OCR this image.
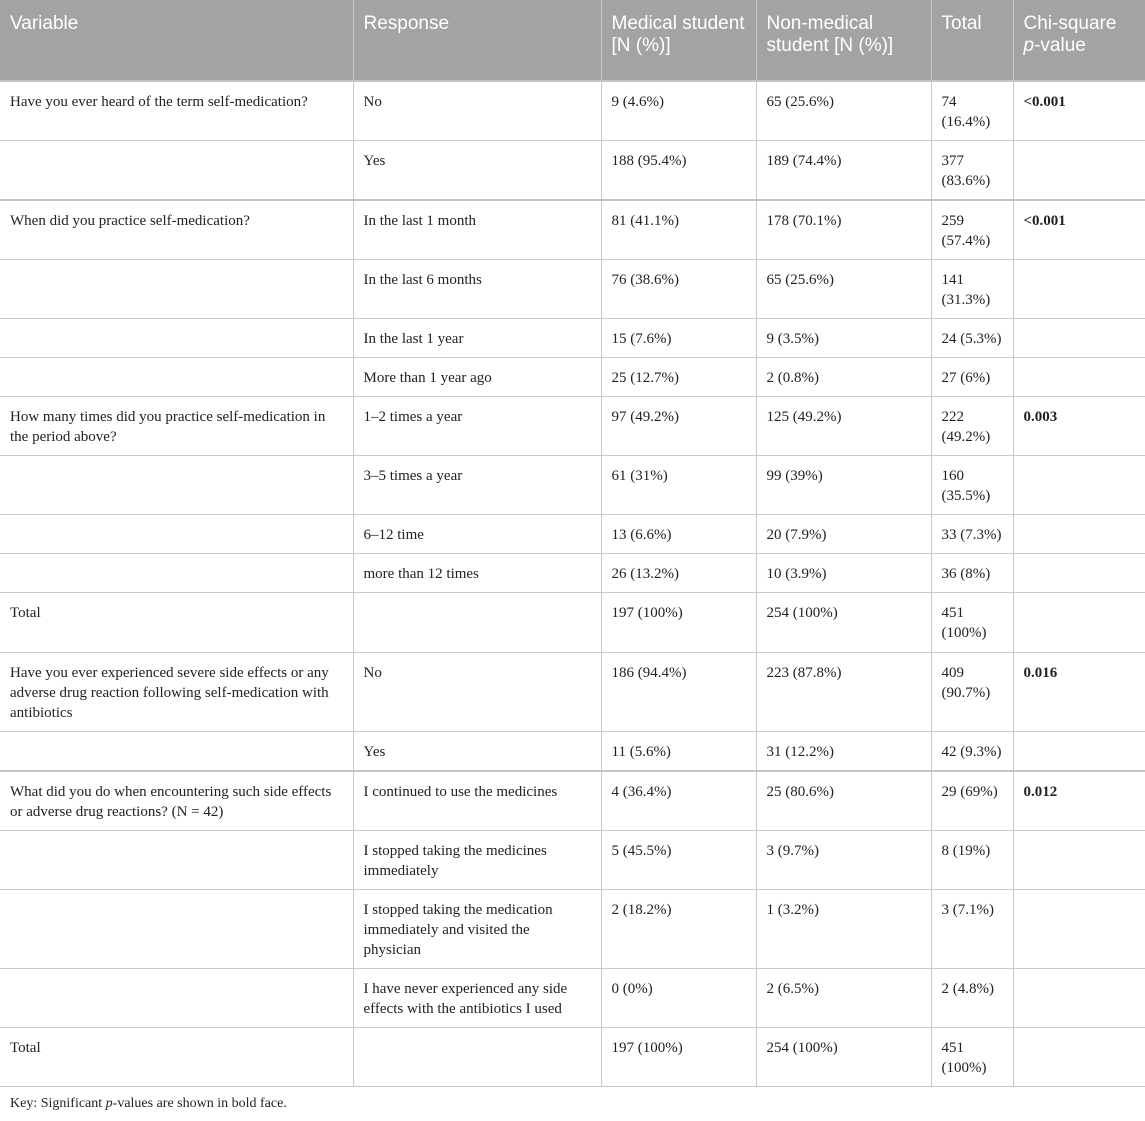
Variable	Response	Medical student [N (%)]	Non-medical student [N (%)]	Total	Chi-square
p-value
Have you ever heard of the term self-medication?	No	9 (4.6%)	65 (25.6%)	74 (16.4%)	<0.001
	Yes	188 (95.4%)	189 (74.4%)	377 (83.6%)	
When did you practice self-medication?	In the last 1 month	81 (41.1%)	178 (70.1%)	259 (57.4%)	<0.001
	In the last 6 months	76 (38.6%)	65 (25.6%)	141 (31.3%)	
	In the last 1 year	15 (7.6%)	9 (3.5%)	24 (5.3%)	
	More than 1 year ago	25 (12.7%)	2 (0.8%)	27 (6%)	
How many times did you practice self-medication in the period above?	1–2 times a year	97 (49.2%)	125 (49.2%)	222 (49.2%)	0.003
	3–5 times a year	61 (31%)	99 (39%)	160 (35.5%)	
	6–12 time	13 (6.6%)	20 (7.9%)	33 (7.3%)	
	more than 12 times	26 (13.2%)	10 (3.9%)	36 (8%)	
Total		197 (100%)	254 (100%)	451 (100%)	
Have you ever experienced severe side effects or any adverse drug reaction following self-medication with antibiotics	No	186 (94.4%)	223 (87.8%)	409 (90.7%)	0.016
	Yes	11 (5.6%)	31 (12.2%)	42 (9.3%)	
What did you do when encountering such side effects or adverse drug reactions? (N = 42)	I continued to use the medicines	4 (36.4%)	25 (80.6%)	29 (69%)	0.012
	I stopped taking the medicines immediately	5 (45.5%)	3 (9.7%)	8 (19%)	
	I stopped taking the medication immediately and visited the physician	2 (18.2%)	1 (3.2%)	3 (7.1%)	
	I have never experienced any side effects with the antibiotics I used	0 (0%)	2 (6.5%)	2 (4.8%)	
Total		197 (100%)	254 (100%)	451 (100%)	
Key: Significant p-values are shown in bold face.
